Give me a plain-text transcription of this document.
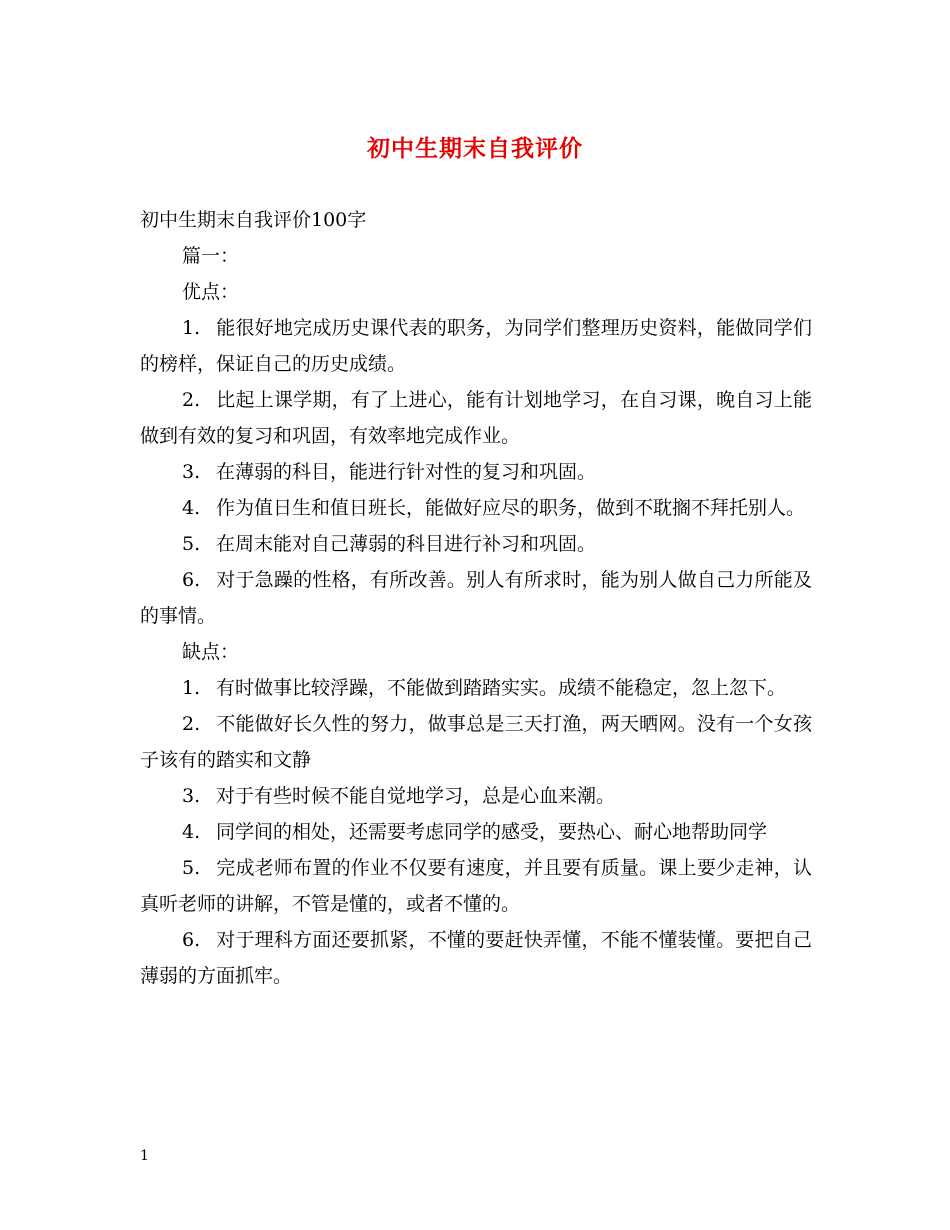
初中生期末自我评价

初中生期末自我评价100字

篇一：

优点：

1. 能很好地完成历史课代表的职务，为同学们整理历史资料，能做同学们的榜样，保证自己的历史成绩。

2. 比起上课学期，有了上进心，能有计划地学习，在自习课，晚自习上能做到有效的复习和巩固，有效率地完成作业。

3. 在薄弱的科目，能进行针对性的复习和巩固。

4. 作为值日生和值日班长，能做好应尽的职务，做到不耽搁不拜托别人。

5. 在周末能对自己薄弱的科目进行补习和巩固。

6. 对于急躁的性格，有所改善。别人有所求时，能为别人做自己力所能及的事情。

缺点：

1. 有时做事比较浮躁，不能做到踏踏实实。成绩不能稳定，忽上忽下。

2. 不能做好长久性的努力，做事总是三天打渔，两天晒网。没有一个女孩子该有的踏实和文静

3. 对于有些时候不能自觉地学习，总是心血来潮。

4. 同学间的相处，还需要考虑同学的感受，要热心、耐心地帮助同学

5. 完成老师布置的作业不仅要有速度，并且要有质量。课上要少走神，认真听老师的讲解，不管是懂的，或者不懂的。

6. 对于理科方面还要抓紧，不懂的要赶快弄懂，不能不懂装懂。要把自己薄弱的方面抓牢。

1
